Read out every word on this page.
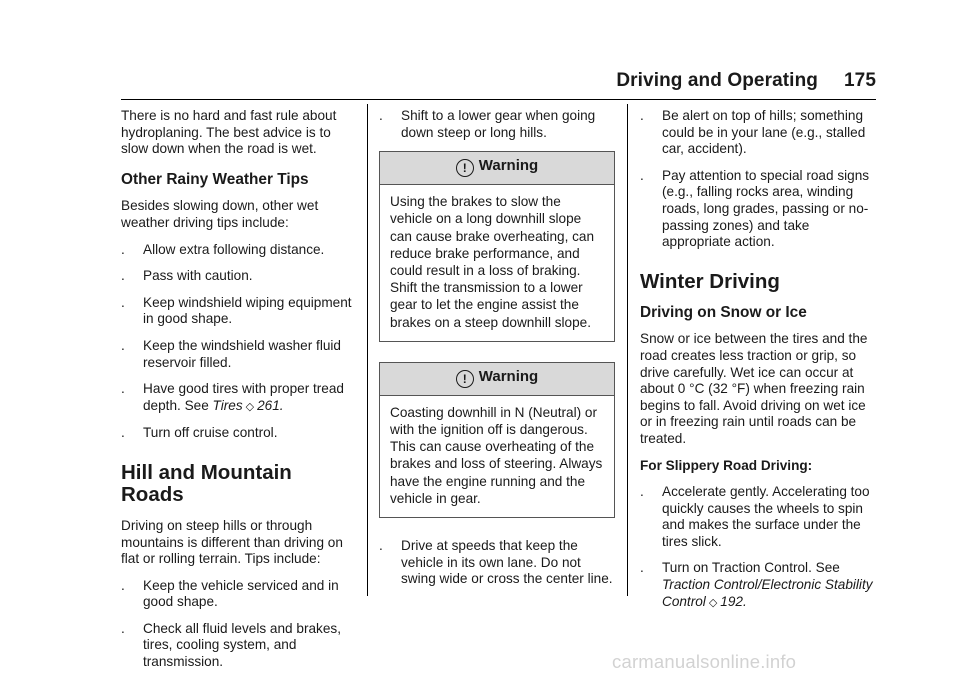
Driving and Operating 175

There is no hard and fast rule about hydroplaning. The best advice is to slow down when the road is wet.

Other Rainy Weather Tips

Besides slowing down, other wet weather driving tips include:

.	Allow extra following distance.
.	Pass with caution.
.	Keep windshield wiping equipment in good shape.
.	Keep the windshield washer fluid reservoir filled.
.	Have good tires with proper tread depth. See Tires ◇ 261.
.	Turn off cruise control.
Hill and Mountain Roads

Driving on steep hills or through mountains is different than driving on flat or rolling terrain. Tips include:

.	Keep the vehicle serviced and in good shape.
.	Check all fluid levels and brakes, tires, cooling system, and transmission.
.	Shift to a lower gear when going down steep or long hills.
! Warning
Using the brakes to slow the vehicle on a long downhill slope can cause brake overheating, can reduce brake performance, and could result in a loss of braking. Shift the transmission to a lower gear to let the engine assist the brakes on a steep downhill slope.
! Warning
Coasting downhill in N (Neutral) or with the ignition off is dangerous. This can cause overheating of the brakes and loss of steering. Always have the engine running and the vehicle in gear.
.	Drive at speeds that keep the vehicle in its own lane. Do not swing wide or cross the center line.
.	Be alert on top of hills; something could be in your lane (e.g., stalled car, accident).
.	Pay attention to special road signs (e.g., falling rocks area, winding roads, long grades, passing or no-passing zones) and take appropriate action.
Winter Driving
Driving on Snow or Ice

Snow or ice between the tires and the road creates less traction or grip, so drive carefully. Wet ice can occur at about 0 °C (32 °F) when freezing rain begins to fall. Avoid driving on wet ice or in freezing rain until roads can be treated.

For Slippery Road Driving:
.	Accelerate gently. Accelerating too quickly causes the wheels to spin and makes the surface under the tires slick.
.	Turn on Traction Control. See
Traction Control/Electronic Stability Control ◇ 192.
carmanualsonline.info
